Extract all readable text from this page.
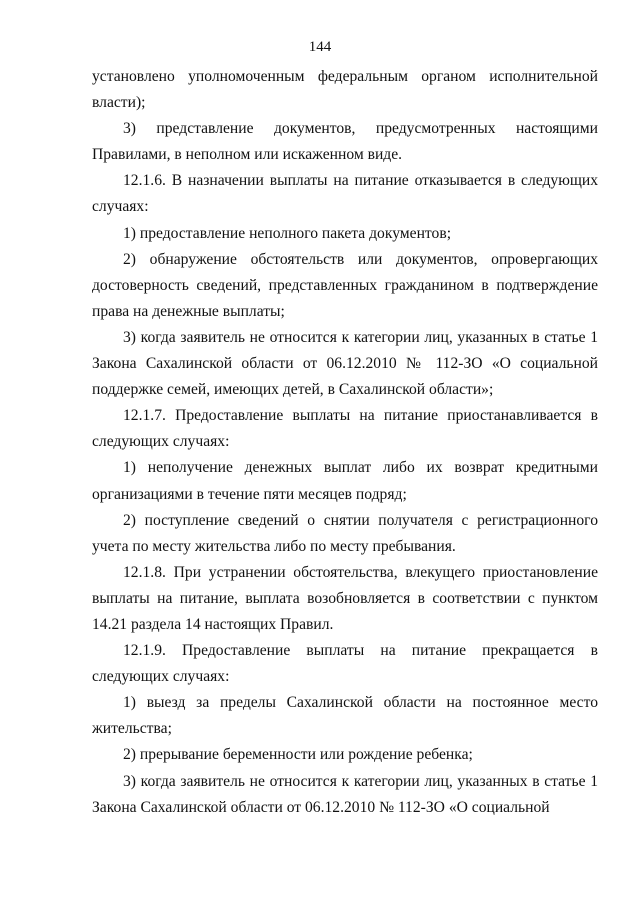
144

установлено уполномоченным федеральным органом исполнительной власти);

3) представление документов, предусмотренных настоящими Правилами, в неполном или искаженном виде.

12.1.6. В назначении выплаты на питание отказывается в следующих случаях:

1) предоставление неполного пакета документов;

2) обнаружение обстоятельств или документов, опровергающих достоверность сведений, представленных гражданином в подтверждение права на денежные выплаты;

3) когда заявитель не относится к категории лиц, указанных в статье 1 Закона Сахалинской области от 06.12.2010 № 112-ЗО «О социальной поддержке семей, имеющих детей, в Сахалинской области»;

12.1.7. Предоставление выплаты на питание приостанавливается в следующих случаях:

1) неполучение денежных выплат либо их возврат кредитными организациями в течение пяти месяцев подряд;

2) поступление сведений о снятии получателя с регистрационного учета по месту жительства либо по месту пребывания.

12.1.8. При устранении обстоятельства, влекущего приостановление выплаты на питание, выплата возобновляется в соответствии с пунктом 14.21 раздела 14 настоящих Правил.

12.1.9. Предоставление выплаты на питание прекращается в следующих случаях:

1) выезд за пределы Сахалинской области на постоянное место жительства;

2) прерывание беременности или рождение ребенка;

3) когда заявитель не относится к категории лиц, указанных в статье 1 Закона Сахалинской области от 06.12.2010 № 112-ЗО «О социальной
